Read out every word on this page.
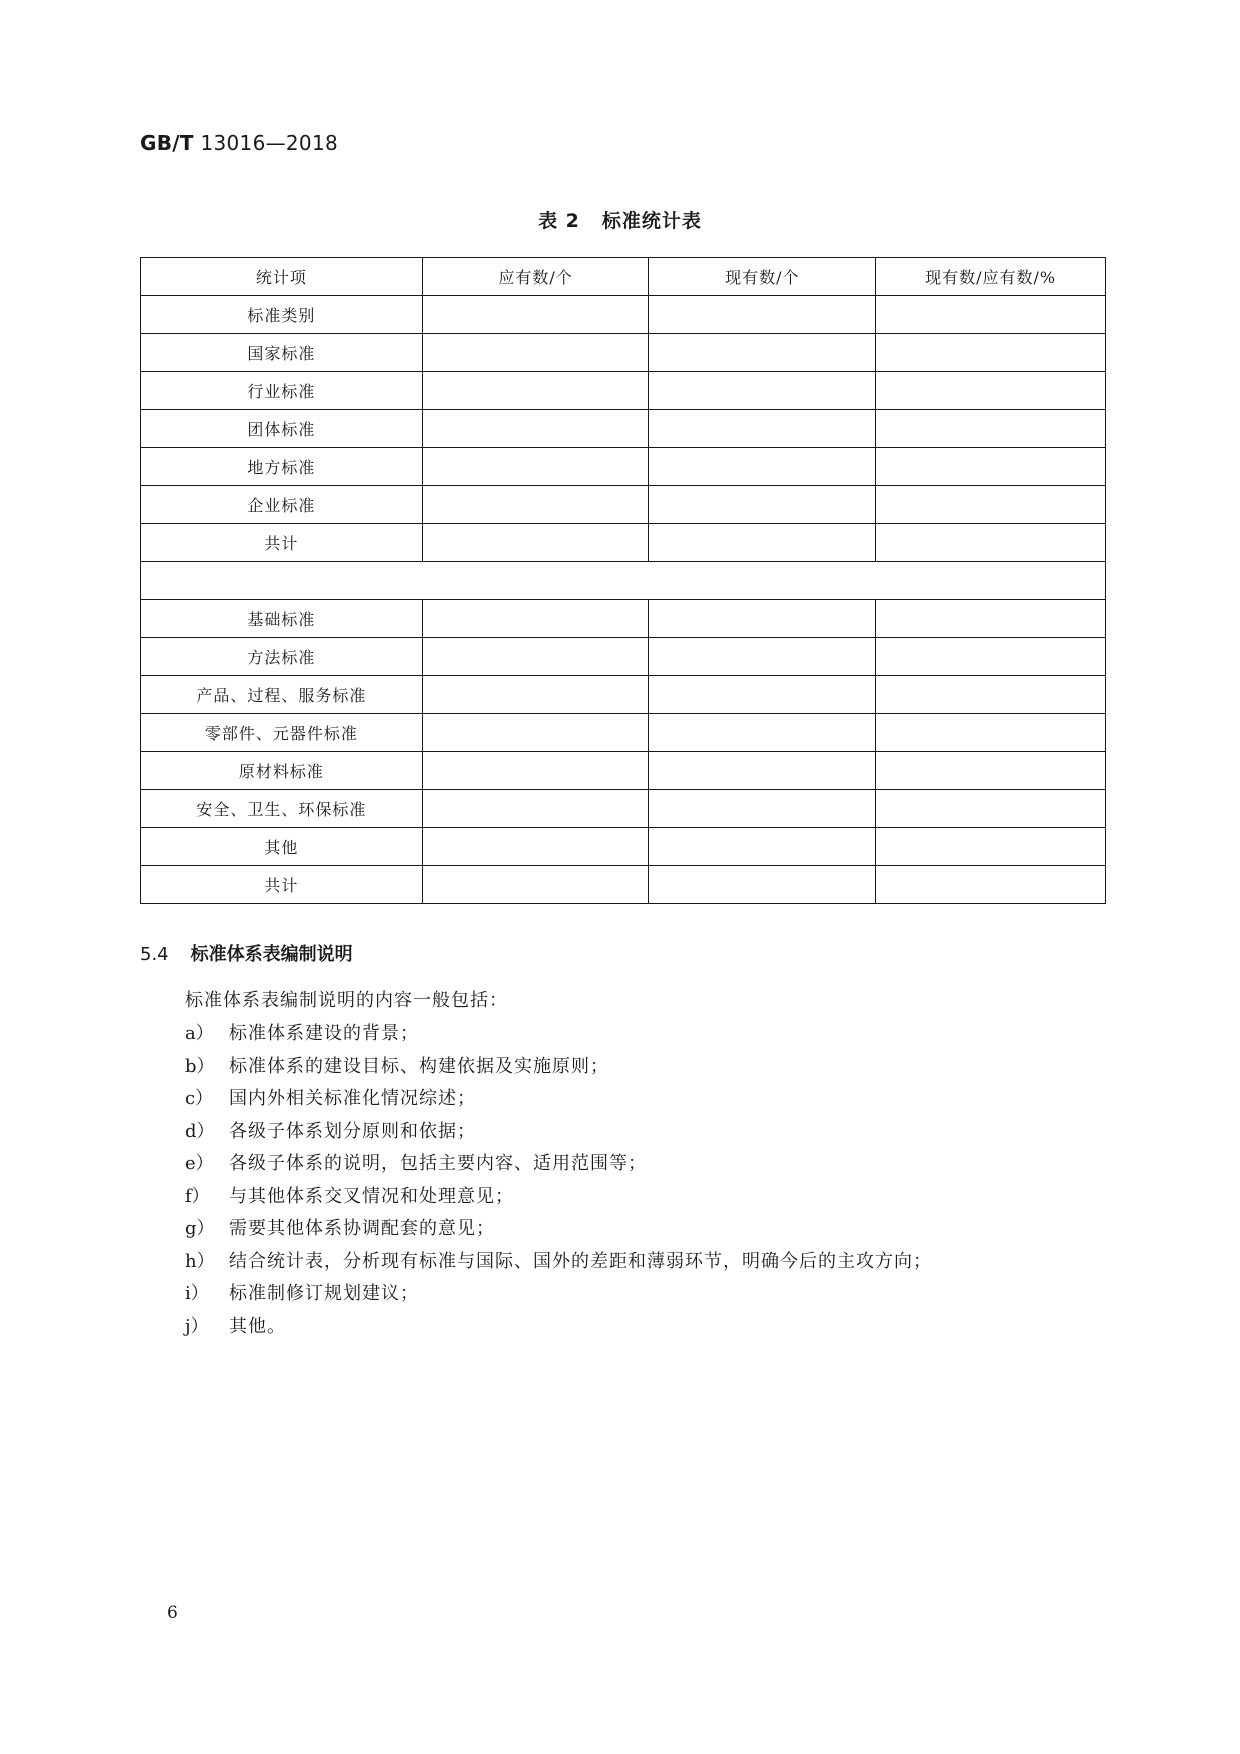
GB/T 13016—2018
表 2 标准统计表
统计项	应有数/个	现有数/个	现有数/应有数/%
标准类别			
国家标准			
行业标准			
团体标准			
地方标准			
企业标准			
共计			

基础标准			
方法标准			
产品、过程、服务标准			
零部件、元器件标准			
原材料标准			
安全、卫生、环保标准			
其他			
共计			
5.4 标准体系表编制说明
标准体系表编制说明的内容一般包括：
a） 标准体系建设的背景；
b） 标准体系的建设目标、构建依据及实施原则；
c） 国内外相关标准化情况综述；
d） 各级子体系划分原则和依据；
e） 各级子体系的说明，包括主要内容、适用范围等；
f） 与其他体系交叉情况和处理意见；
g） 需要其他体系协调配套的意见；
h） 结合统计表，分析现有标准与国际、国外的差距和薄弱环节，明确今后的主攻方向；
i） 标准制修订规划建议；
j） 其他。
6
